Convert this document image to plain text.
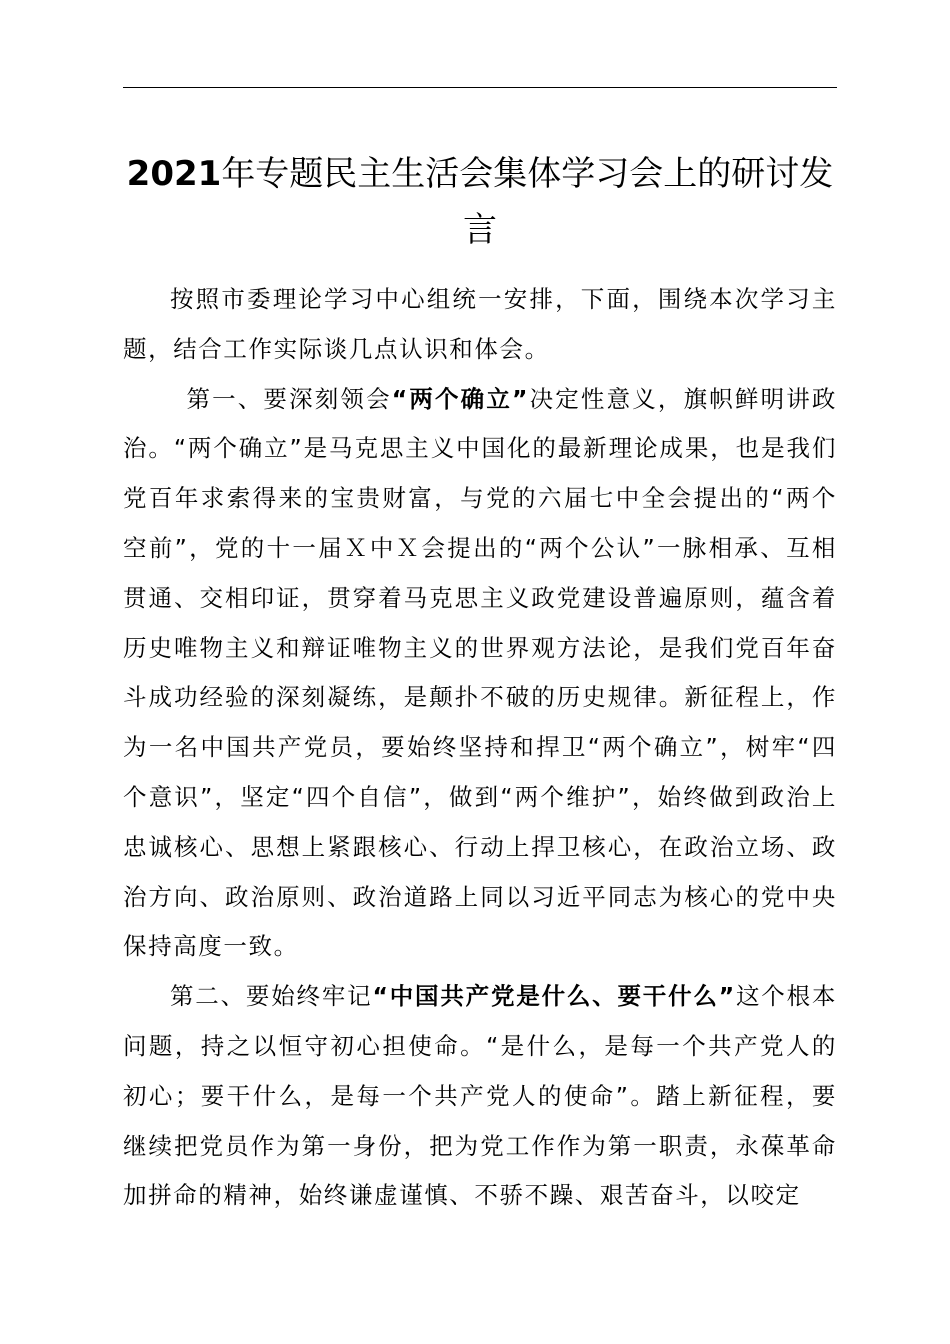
2021年专题民主生活会集体学习会上的研讨发言

按照市委理论学习中心组统一安排，下面，围绕本次学习主题，结合工作实际谈几点认识和体会。

第一、要深刻领会“两个确立”决定性意义，旗帜鲜明讲政治。“两个确立”是马克思主义中国化的最新理论成果，也是我们党百年求索得来的宝贵财富，与党的六届七中全会提出的“两个空前”，党的十一届Ｘ中Ｘ会提出的“两个公认”一脉相承、互相贯通、交相印证，贯穿着马克思主义政党建设普遍原则，蕴含着历史唯物主义和辩证唯物主义的世界观方法论，是我们党百年奋斗成功经验的深刻凝练，是颠扑不破的历史规律。新征程上，作为一名中国共产党员，要始终坚持和捍卫“两个确立”，树牢“四个意识”，坚定“四个自信”，做到“两个维护”，始终做到政治上忠诚核心、思想上紧跟核心、行动上捍卫核心，在政治立场、政治方向、政治原则、政治道路上同以习近平同志为核心的党中央保持高度一致。

第二、要始终牢记“中国共产党是什么、要干什么”这个根本问题，持之以恒守初心担使命。“是什么，是每一个共产党人的初心；要干什么，是每一个共产党人的使命”。踏上新征程，要继续把党员作为第一身份，把为党工作作为第一职责，永葆革命加拼命的精神，始终谦虚谨慎、不骄不躁、艰苦奋斗，以咬定
